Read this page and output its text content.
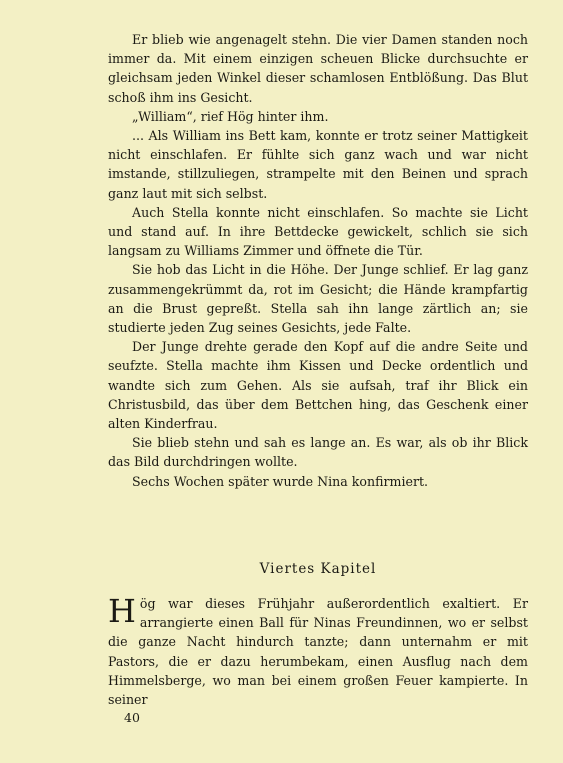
Er blieb wie angenagelt stehn. Die vier Damen standen noch immer da. Mit einem einzigen scheuen Blicke durchsuchte er gleichsam jeden Winkel dieser schamlosen Entblößung. Das Blut schoß ihm ins Gesicht.

„William“, rief Hög hinter ihm.

... Als William ins Bett kam, konnte er trotz seiner Mattigkeit nicht einschlafen. Er fühlte sich ganz wach und war nicht imstande, stillzuliegen, strampelte mit den Beinen und sprach ganz laut mit sich selbst.

Auch Stella konnte nicht einschlafen. So machte sie Licht und stand auf. In ihre Bettdecke gewickelt, schlich sie sich langsam zu Williams Zimmer und öffnete die Tür.

Sie hob das Licht in die Höhe. Der Junge schlief. Er lag ganz zusammengekrümmt da, rot im Gesicht; die Hände krampfartig an die Brust gepreßt. Stella sah ihn lange zärtlich an; sie studierte jeden Zug seines Gesichts, jede Falte.

Der Junge drehte gerade den Kopf auf die andre Seite und seufzte. Stella machte ihm Kissen und Decke ordentlich und wandte sich zum Gehen. Als sie aufsah, traf ihr Blick ein Christusbild, das über dem Bettchen hing, das Geschenk einer alten Kinderfrau.

Sie blieb stehn und sah es lange an. Es war, als ob ihr Blick das Bild durchdringen wollte.

Sechs Wochen später wurde Nina konfirmiert.

Viertes Kapitel
H ög war dieses Frühjahr außerordentlich exaltiert. Er arrangierte einen Ball für Ninas Freundinnen, wo er selbst die ganze Nacht hindurch tanzte; dann unternahm er mit Pastors, die er dazu herumbekam, einen Ausflug nach dem Himmelsberge, wo man bei einem großen Feuer kampierte. In seiner

40
